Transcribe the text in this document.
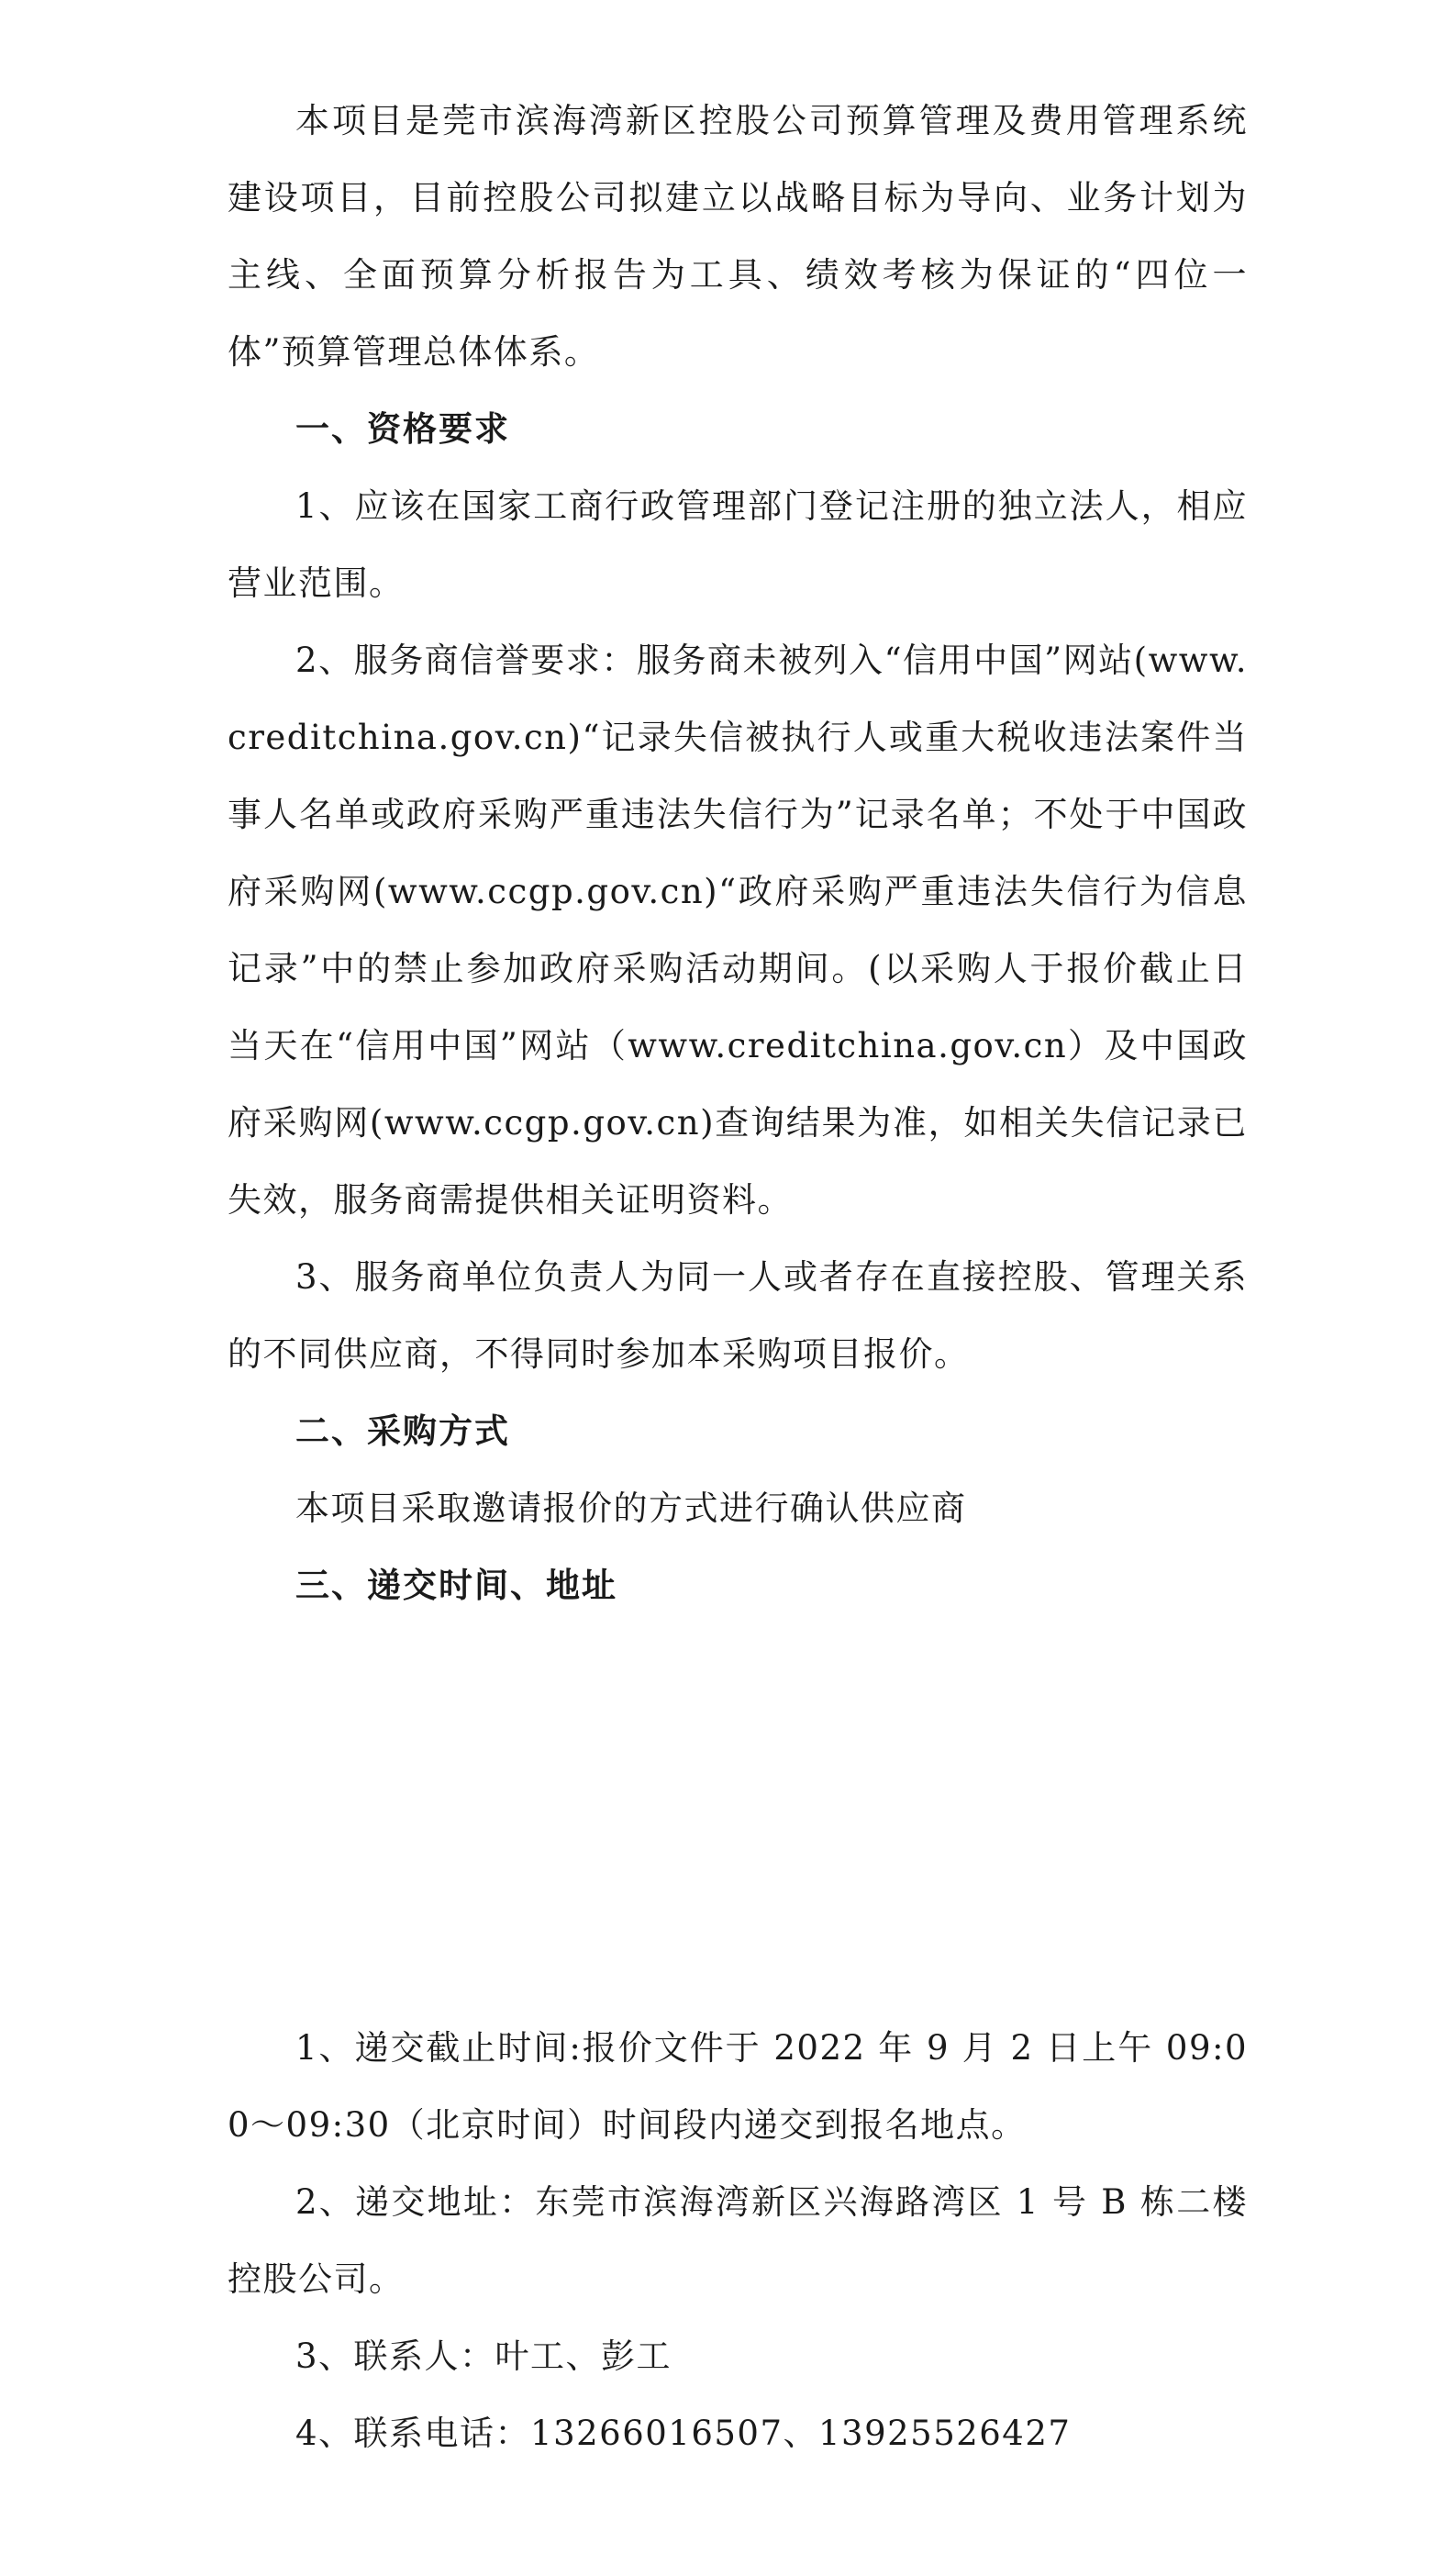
本项目是莞市滨海湾新区控股公司预算管理及费用管理系统建设项目，目前控股公司拟建立以战略目标为导向、业务计划为主线、全面预算分析报告为工具、绩效考核为保证的“四位一体”预算管理总体体系。

一、资格要求

1、应该在国家工商行政管理部门登记注册的独立法人，相应营业范围。

2、服务商信誉要求：服务商未被列入“信用中国”网站(www.creditchina.gov.cn)“记录失信被执行人或重大税收违法案件当事人名单或政府采购严重违法失信行为”记录名单；不处于中国政府采购网(www.ccgp.gov.cn)“政府采购严重违法失信行为信息记录”中的禁止参加政府采购活动期间。(以采购人于报价截止日当天在“信用中国”网站（www.creditchina.gov.cn）及中国政府采购网(www.ccgp.gov.cn)查询结果为准，如相关失信记录已失效，服务商需提供相关证明资料。

3、服务商单位负责人为同一人或者存在直接控股、管理关系的不同供应商，不得同时参加本采购项目报价。

二、采购方式

本项目采取邀请报价的方式进行确认供应商

三、递交时间、地址

1、递交截止时间:报价文件于 2022 年 9 月 2 日上午 09:00～09:30（北京时间）时间段内递交到报名地点。

2、递交地址：东莞市滨海湾新区兴海路湾区 1 号 B 栋二楼控股公司。

3、联系人：叶工、彭工

4、联系电话：13266016507、13925526427
